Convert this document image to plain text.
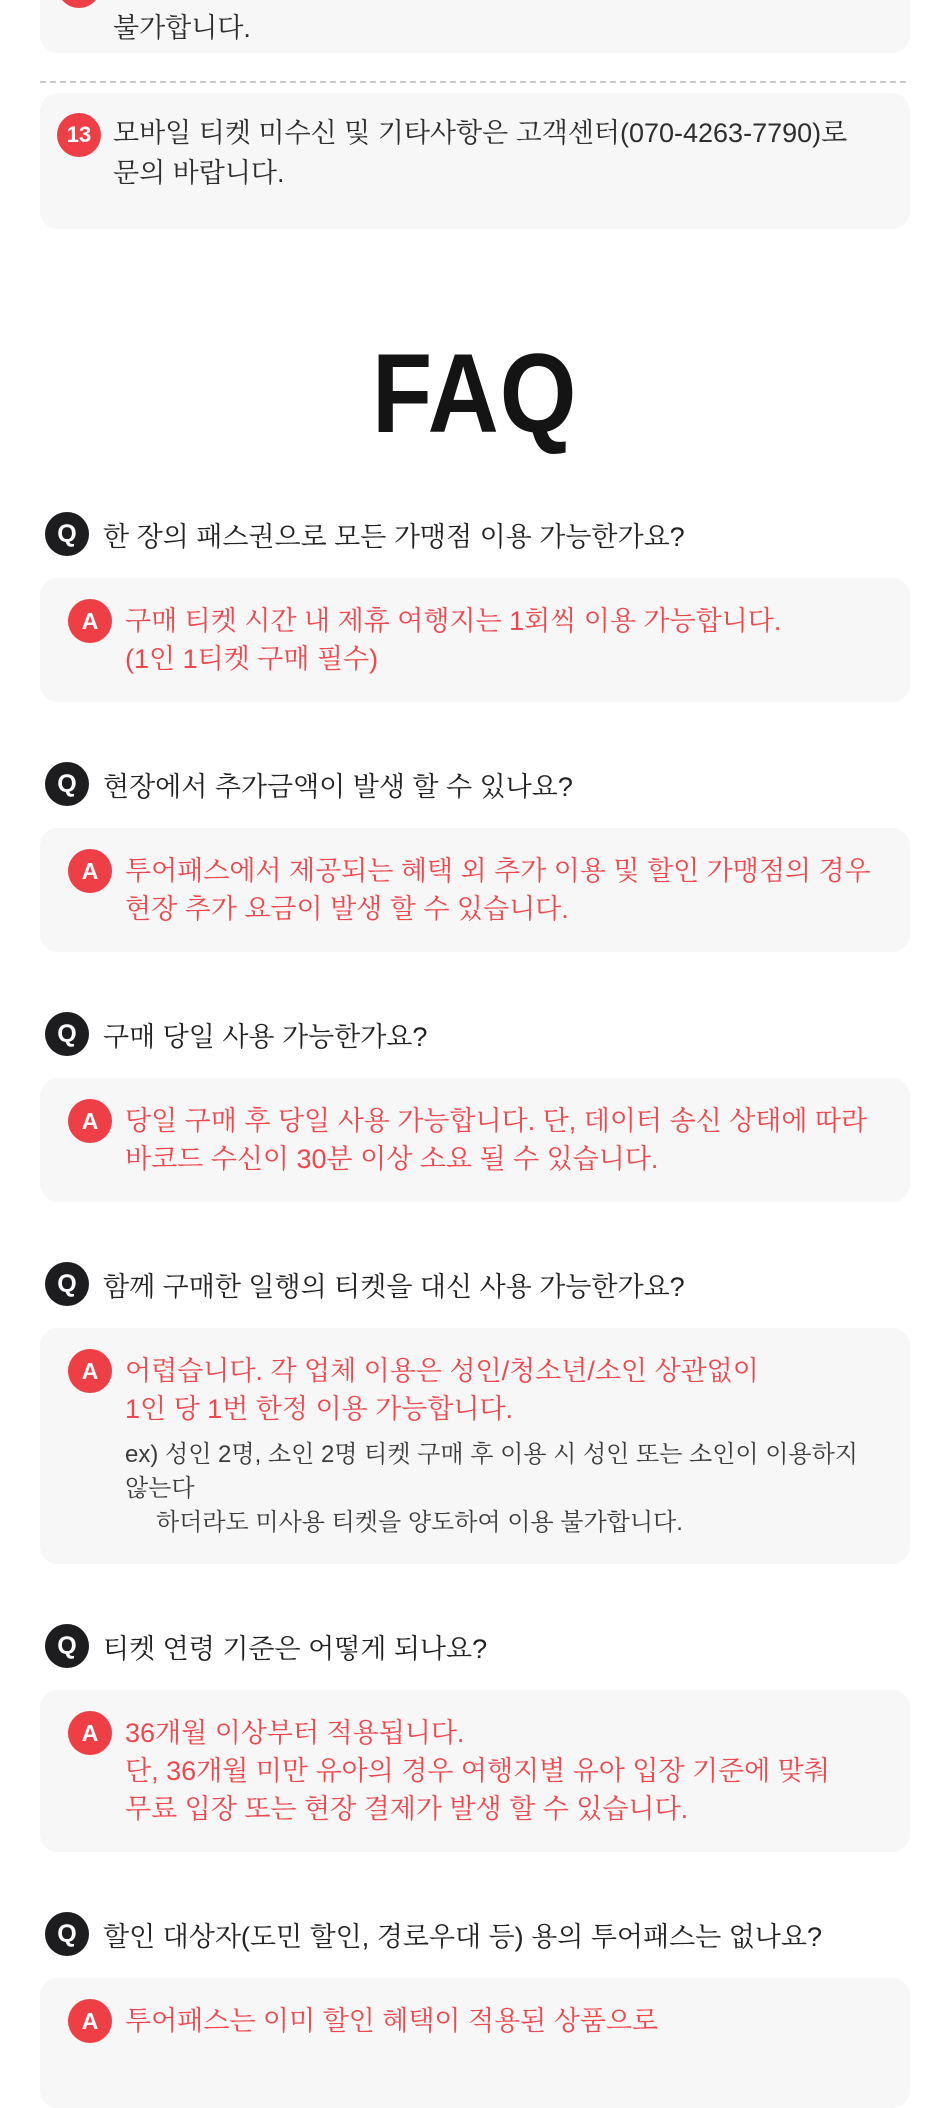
불가합니다.

13 모바일 티켓 미수신 및 기타사항은 고객센터(070-4263-7790)로

문의 바랍니다.

FAQ
Q 한 장의 패스권으로 모든 가맹점 이용 가능한가요?

A 구매 티켓 시간 내 제휴 여행지는 1회씩 이용 가능합니다.

(1인 1티켓 구매 필수)

Q 현장에서 추가금액이 발생 할 수 있나요?

A 투어패스에서 제공되는 혜택 외 추가 이용 및 할인 가맹점의 경우

현장 추가 요금이 발생 할 수 있습니다.

Q 구매 당일 사용 가능한가요?

A 당일 구매 후 당일 사용 가능합니다. 단, 데이터 송신 상태에 따라

바코드 수신이 30분 이상 소요 될 수 있습니다.

Q 함께 구매한 일행의 티켓을 대신 사용 가능한가요?

A 어렵습니다. 각 업체 이용은 성인/청소년/소인 상관없이

1인 당 1번 한정 이용 가능합니다.

ex) 성인 2명, 소인 2명 티켓 구매 후 이용 시 성인 또는 소인이 이용하지 않는다

하더라도 미사용 티켓을 양도하여 이용 불가합니다.

Q 티켓 연령 기준은 어떻게 되나요?

A 36개월 이상부터 적용됩니다.

단, 36개월 미만 유아의 경우 여행지별 유아 입장 기준에 맞춰

무료 입장 또는 현장 결제가 발생 할 수 있습니다.

Q 할인 대상자(도민 할인, 경로우대 등) 용의 투어패스는 없나요?

A 투어패스는 이미 할인 혜택이 적용된 상품으로
